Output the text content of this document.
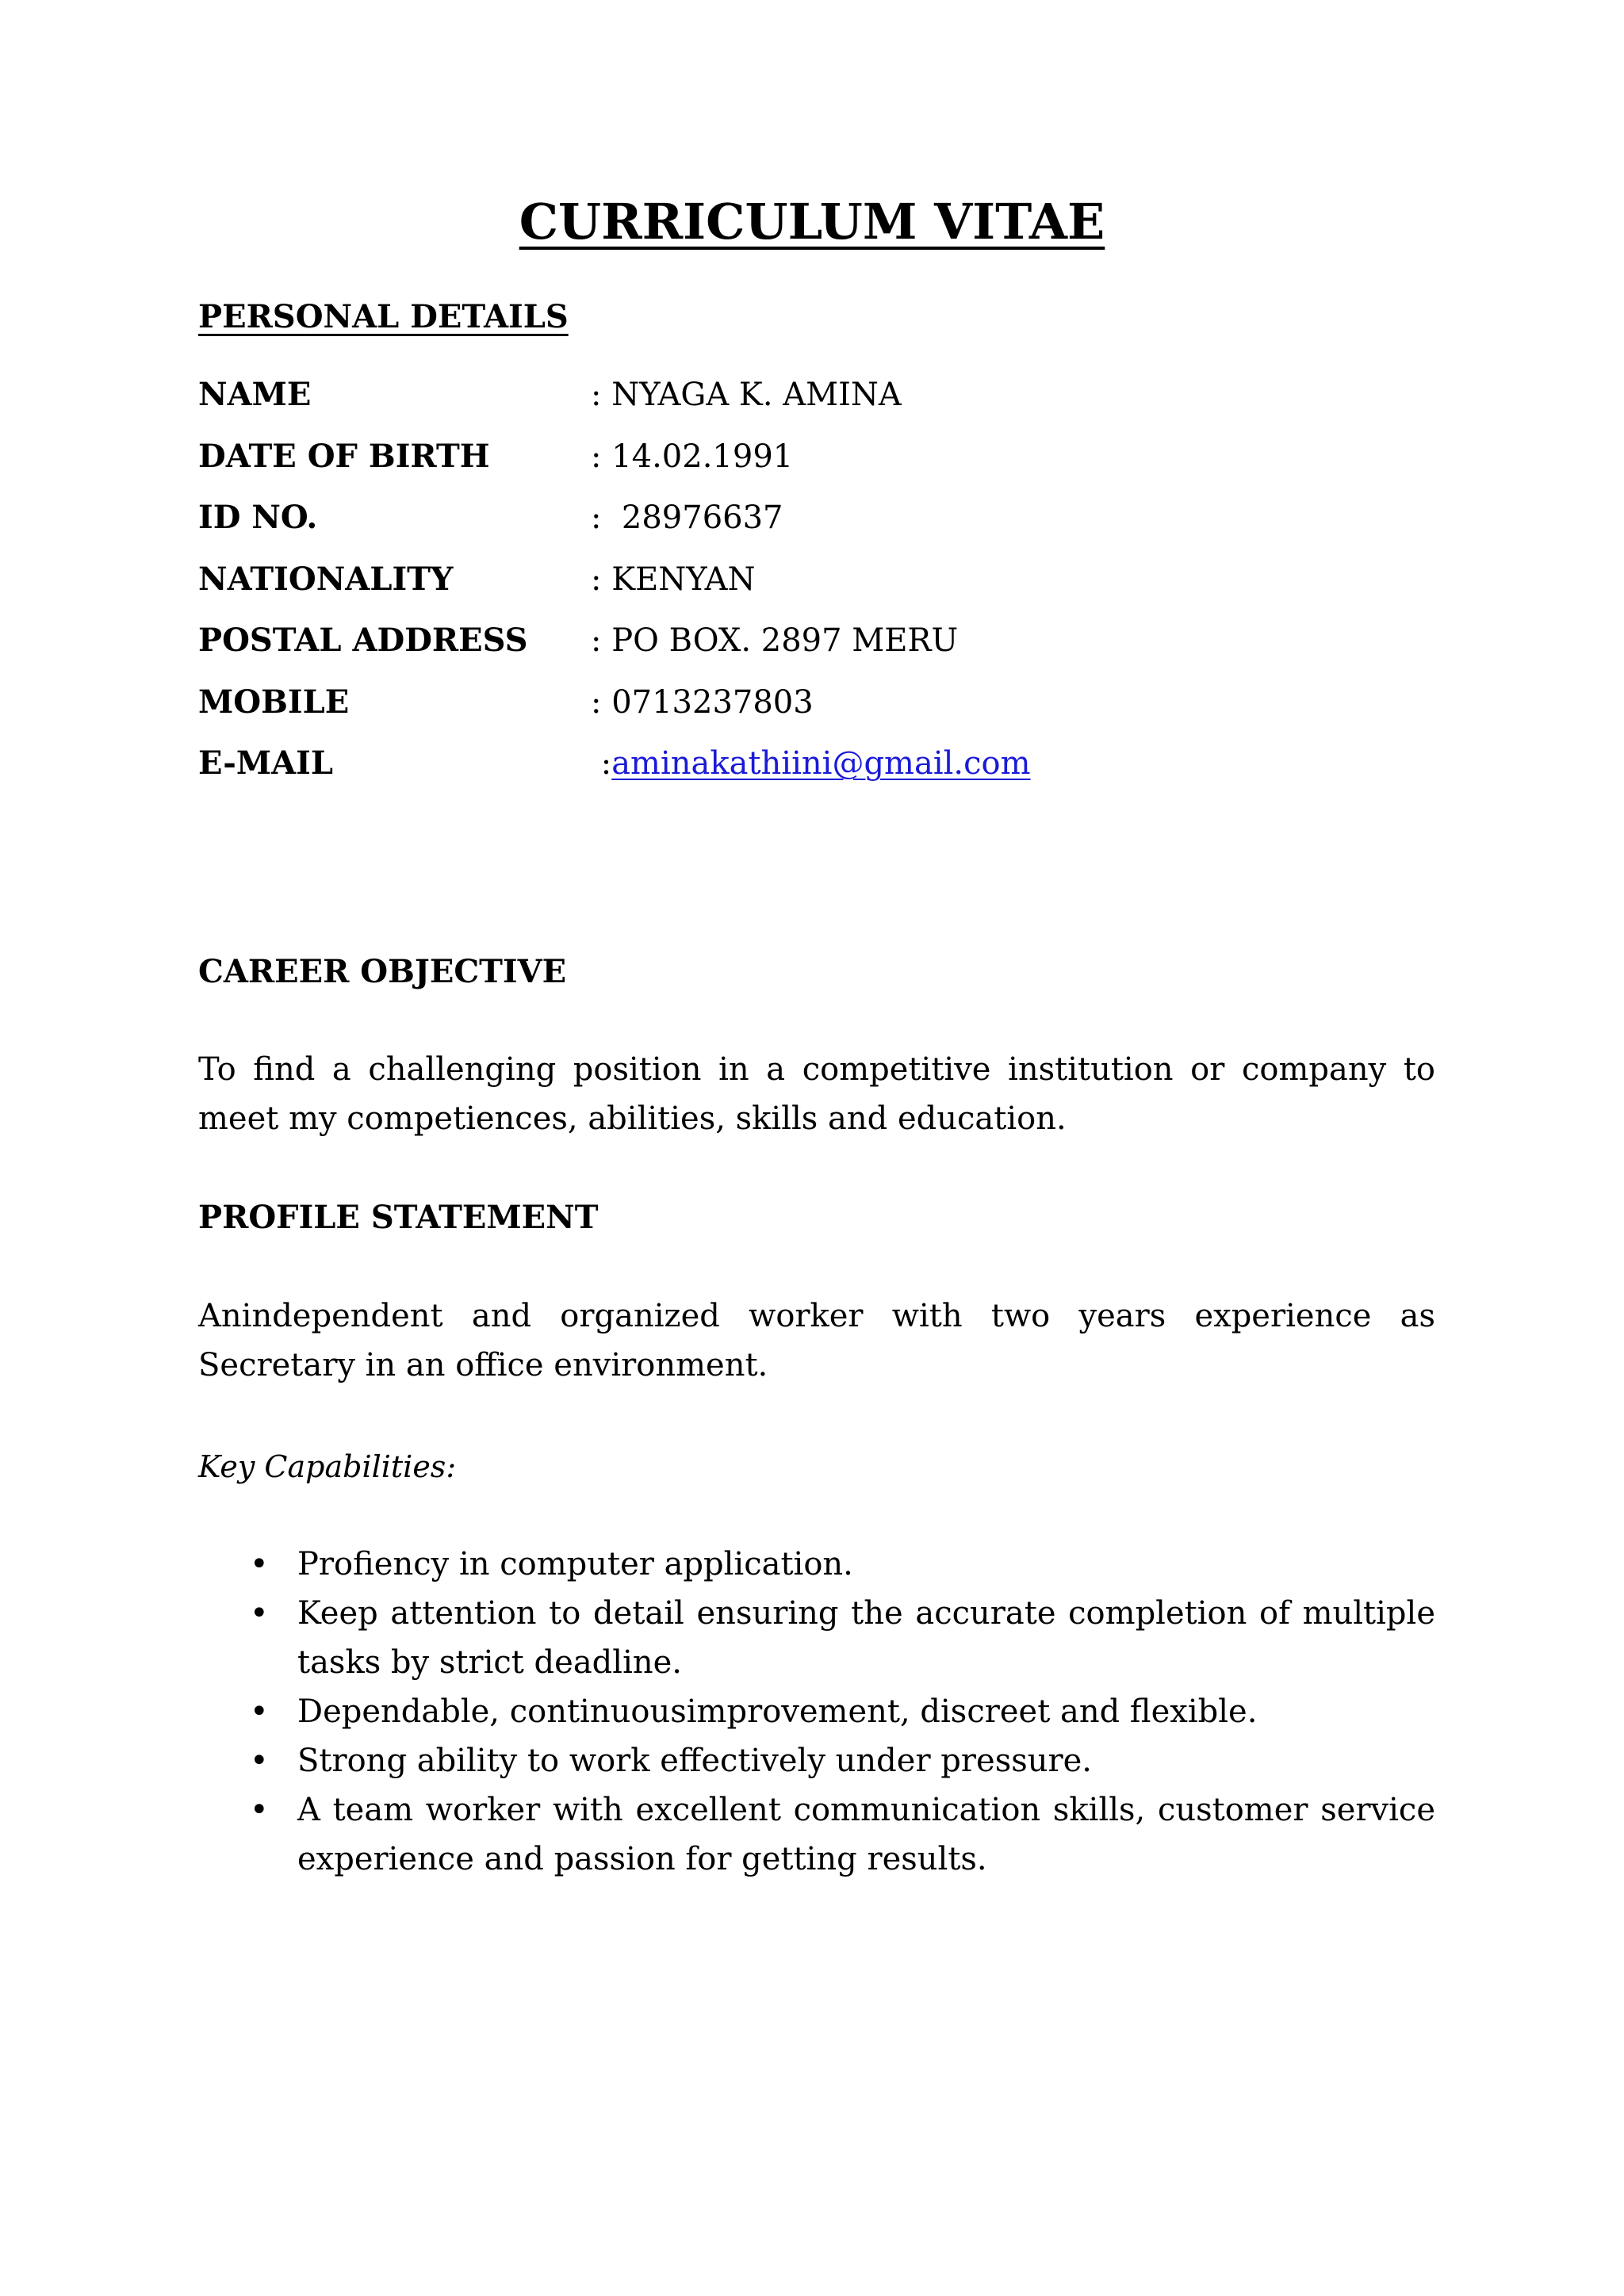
CURRICULUM VITAE
PERSONAL DETAILS
NAME	: NYAGA K. AMINA
DATE OF BIRTH	: 14.02.1991
ID NO.	:  28976637
NATIONALITY	: KENYAN
POSTAL ADDRESS : PO BOX. 2897 MERU
MOBILE	: 0713237803
E-MAIL	:aminakathiini@gmail.com
CAREER OBJECTIVE

To find a challenging position in a competitive institution or company to meet my competiences, abilities, skills and education.

PROFILE STATEMENT

Anindependent and organized worker with two years experience as Secretary in an office environment.

Key Capabilities:
• Profiency in computer application.
• Keep attention to detail ensuring the accurate completion of multiple tasks by strict deadline.
• Dependable, continuousimprovement, discreet and flexible.
• Strong ability to work effectively under pressure.
• A team worker with excellent communication skills, customer service experience and passion for getting results.
